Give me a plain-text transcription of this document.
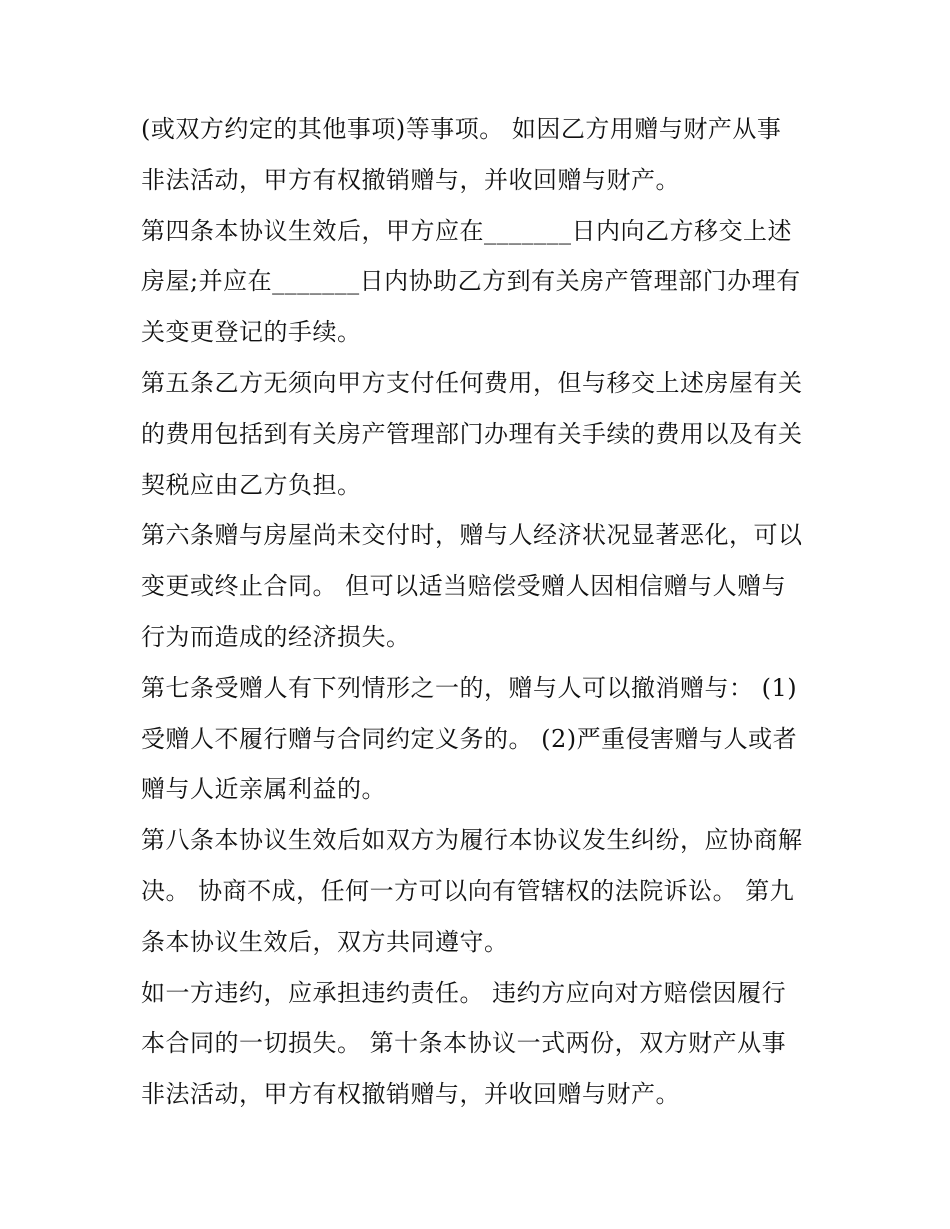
(或双方约定的其他事项)等事项。 如因乙方用赠与财产从事
非法活动，甲方有权撤销赠与，并收回赠与财产。
第四条本协议生效后，甲方应在_______日内向乙方移交上述
房屋;并应在_______日内协助乙方到有关房产管理部门办理有
关变更登记的手续。
第五条乙方无须向甲方支付任何费用，但与移交上述房屋有关
的费用包括到有关房产管理部门办理有关手续的费用以及有关
契税应由乙方负担。
第六条赠与房屋尚未交付时，赠与人经济状况显著恶化，可以
变更或终止合同。 但可以适当赔偿受赠人因相信赠与人赠与
行为而造成的经济损失。
第七条受赠人有下列情形之一的，赠与人可以撤消赠与： (1)
受赠人不履行赠与合同约定义务的。 (2)严重侵害赠与人或者
赠与人近亲属利益的。
第八条本协议生效后如双方为履行本协议发生纠纷，应协商解
决。 协商不成，任何一方可以向有管辖权的法院诉讼。 第九
条本协议生效后，双方共同遵守。
如一方违约，应承担违约责任。 违约方应向对方赔偿因履行
本合同的一切损失。 第十条本协议一式两份，双方财产从事
非法活动，甲方有权撤销赠与，并收回赠与财产。
